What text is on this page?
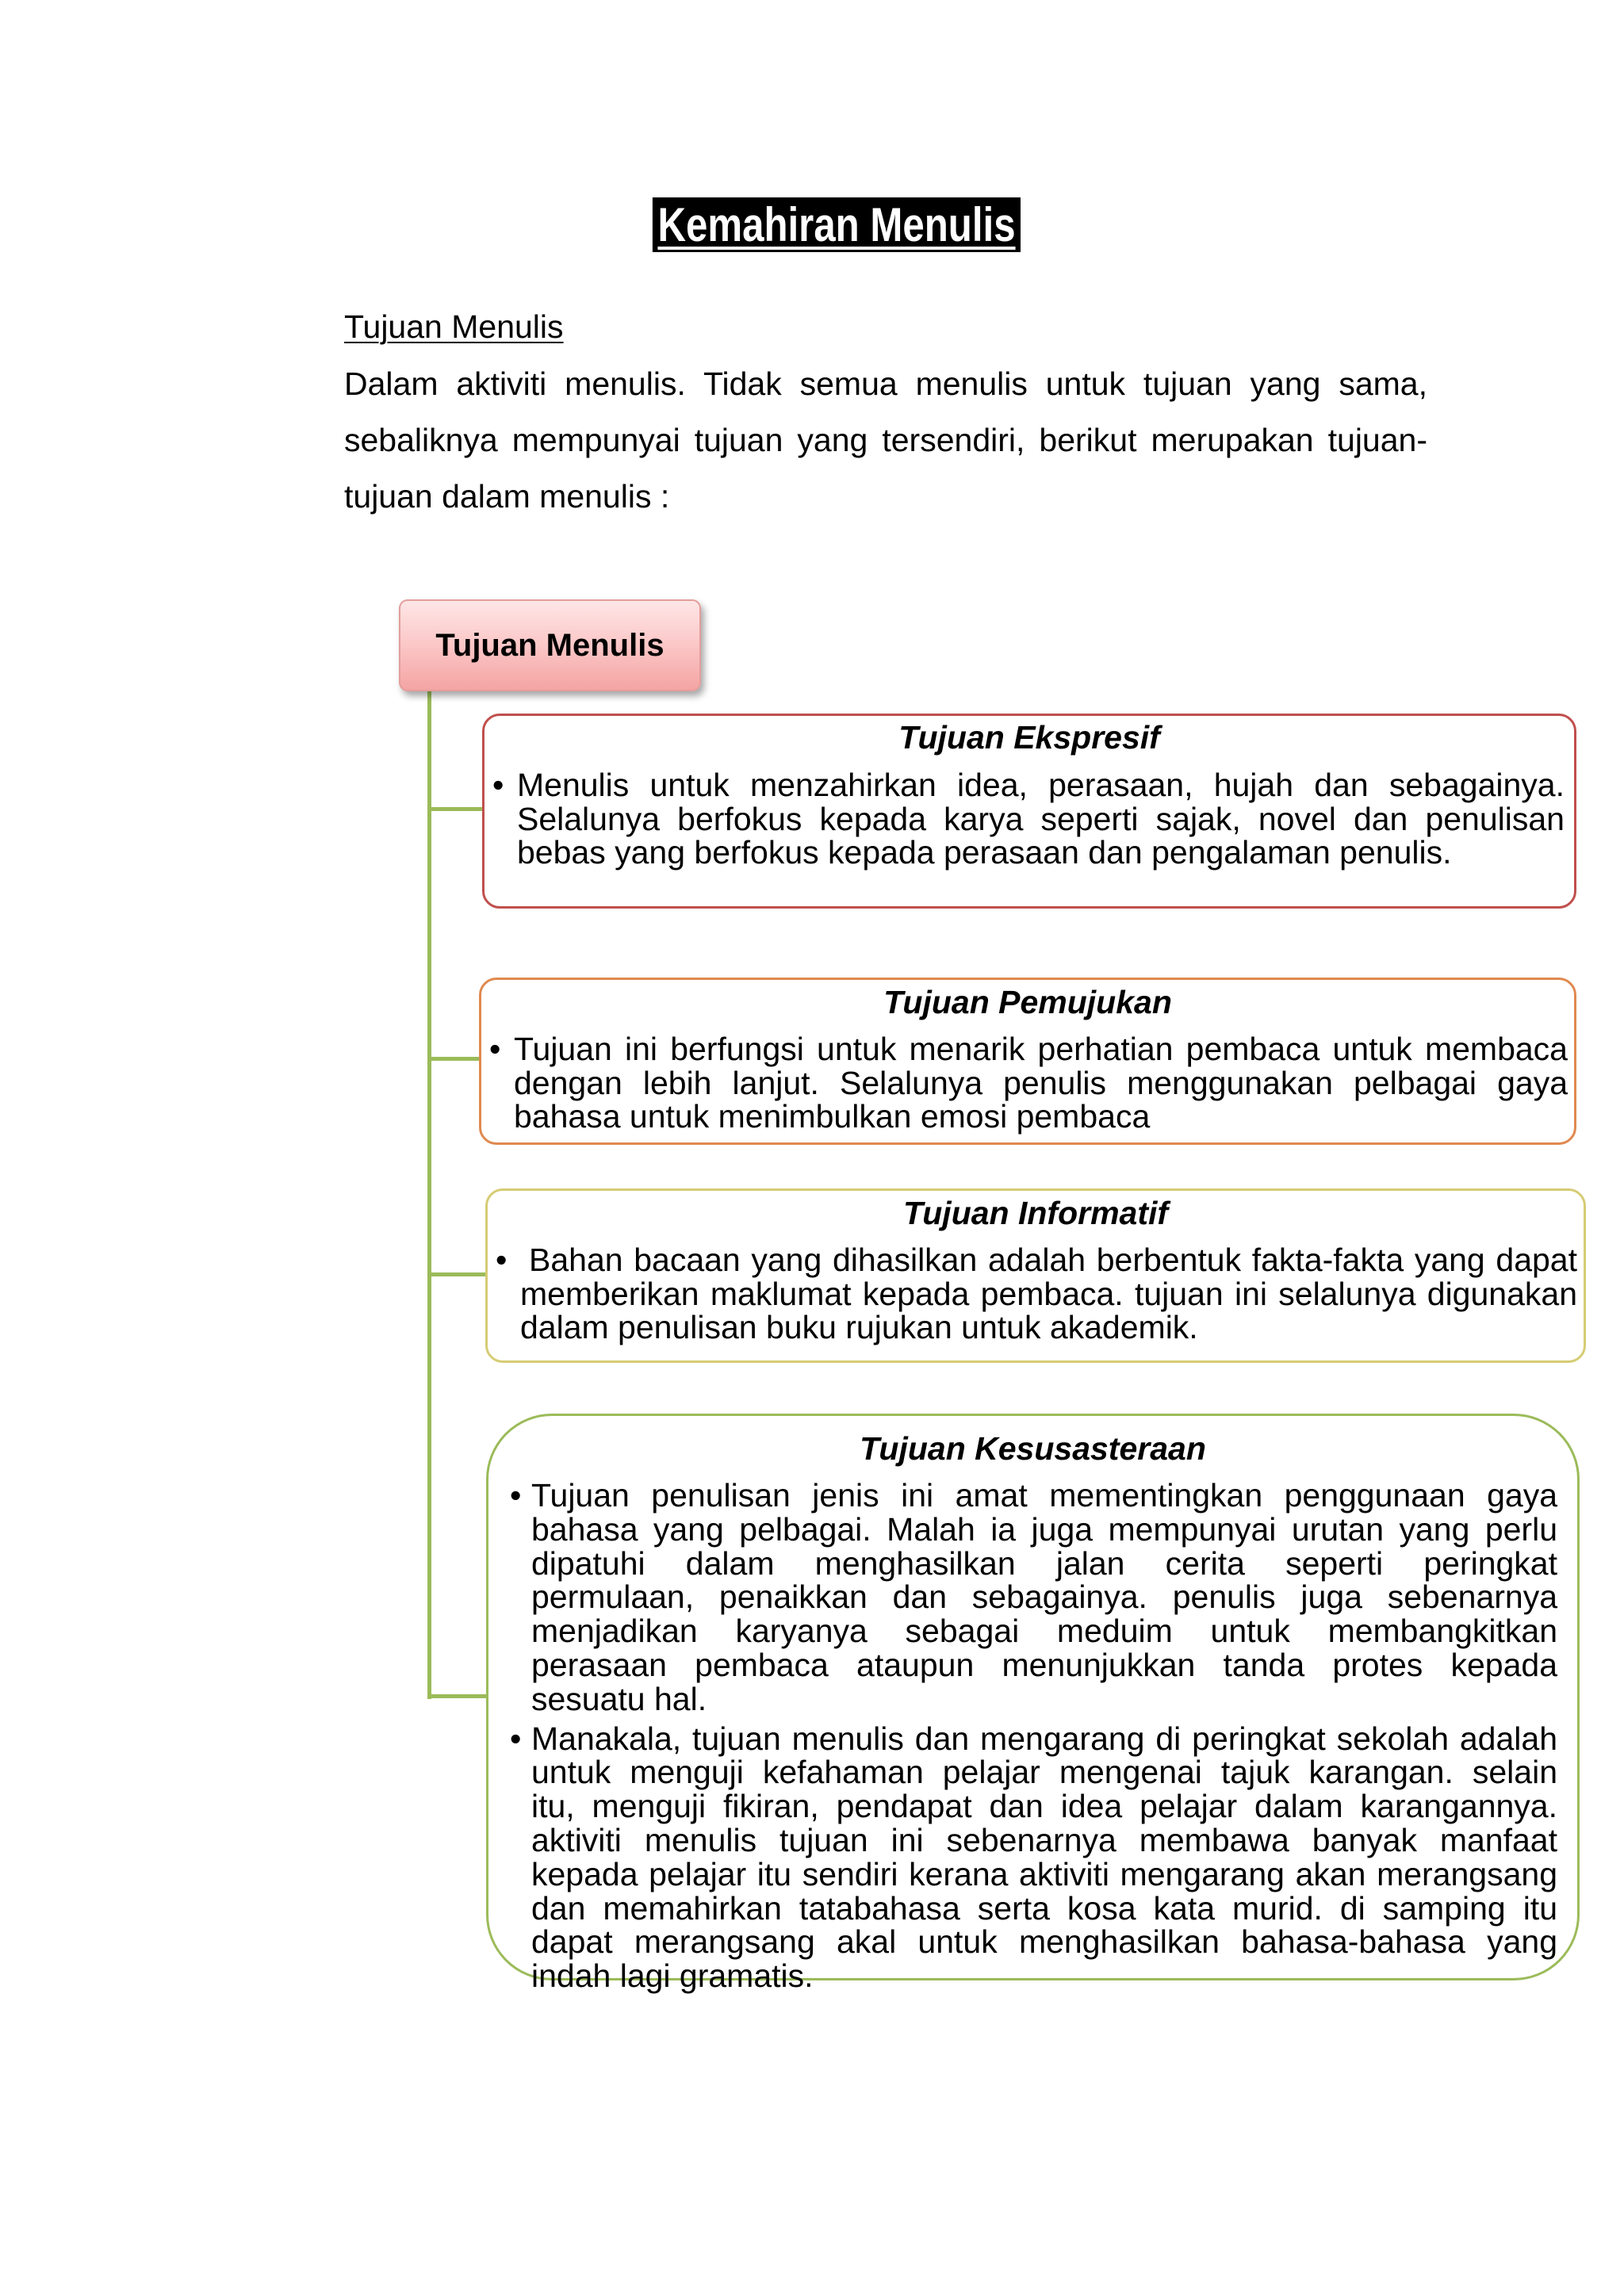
Kemahiran Menulis
Tujuan Menulis
Dalam aktiviti menulis. Tidak semua menulis untuk tujuan yang sama,
sebaliknya mempunyai tujuan yang tersendiri, berikut merupakan tujuan-
tujuan dalam menulis :
Tujuan Menulis
Tujuan Ekspresif
• Menulis untuk menzahirkan idea, perasaan, hujah dan sebagainya.
Selalunya berfokus kepada karya seperti sajak, novel dan penulisan
bebas yang berfokus kepada perasaan dan pengalaman penulis.
Tujuan Pemujukan
• Tujuan ini berfungsi untuk menarik perhatian pembaca untuk membaca
dengan lebih lanjut. Selalunya penulis menggunakan pelbagai gaya
bahasa untuk menimbulkan emosi pembaca
Tujuan Informatif
• Bahan bacaan yang dihasilkan adalah berbentuk fakta-fakta yang dapat
memberikan maklumat kepada pembaca. tujuan ini selalunya digunakan
dalam penulisan buku rujukan untuk akademik.
Tujuan Kesusasteraan
• Tujuan penulisan jenis ini amat mementingkan penggunaan gaya
bahasa yang pelbagai. Malah ia juga mempunyai urutan yang perlu
dipatuhi dalam menghasilkan jalan cerita seperti peringkat
permulaan, penaikkan dan sebagainya. penulis juga sebenarnya
menjadikan karyanya sebagai meduim untuk membangkitkan
perasaan pembaca ataupun menunjukkan tanda protes kepada
sesuatu hal.
• Manakala, tujuan menulis dan mengarang di peringkat sekolah adalah
untuk menguji kefahaman pelajar mengenai tajuk karangan. selain
itu, menguji fikiran, pendapat dan idea pelajar dalam karangannya.
aktiviti menulis tujuan ini sebenarnya membawa banyak manfaat
kepada pelajar itu sendiri kerana aktiviti mengarang akan merangsang
dan memahirkan tatabahasa serta kosa kata murid. di samping itu
dapat merangsang akal untuk menghasilkan bahasa-bahasa yang
indah lagi gramatis.
